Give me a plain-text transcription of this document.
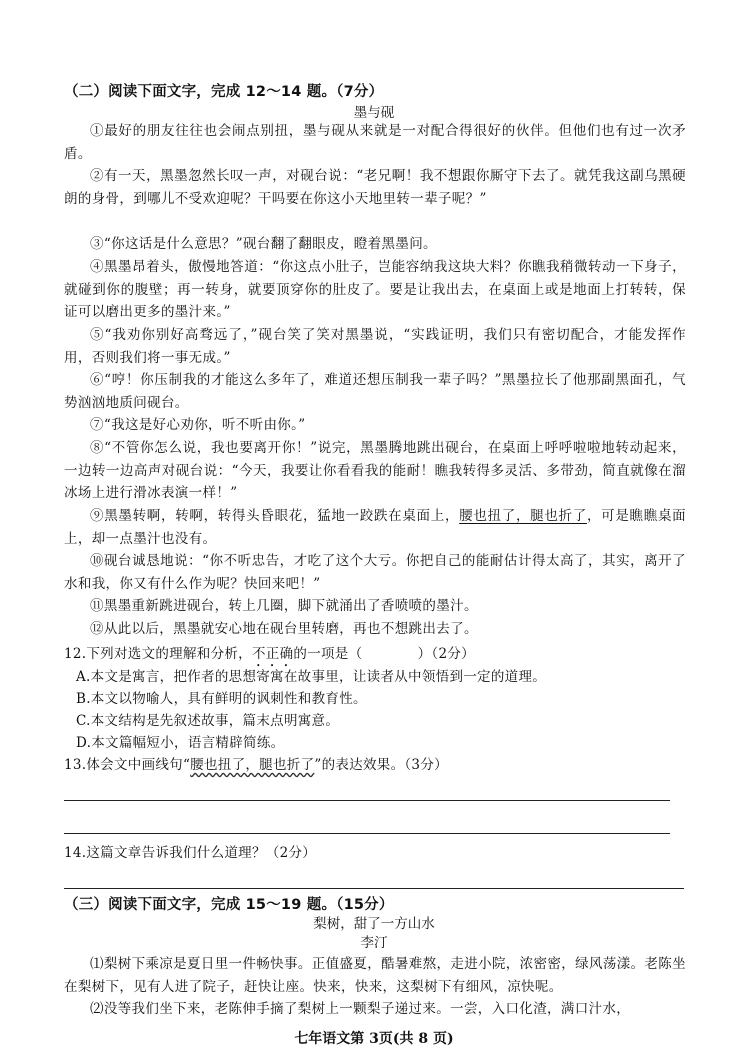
（二）阅读下面文字，完成 12～14 题。（7分）
墨与砚
①最好的朋友往往也会闹点别扭，墨与砚从来就是一对配合得很好的伙伴。但他们也有过一次矛盾。
②有一天，黑墨忽然长叹一声，对砚台说：“老兄啊！我不想跟你厮守下去了。就凭我这副乌黑硬朗的身骨，到哪儿不受欢迎呢？干吗要在你这小天地里转一辈子呢？”
③“你这话是什么意思？”砚台翻了翻眼皮，瞪着黑墨问。
④黑墨昂着头，傲慢地答道：“你这点小肚子，岂能容纳我这块大料？你瞧我稍微转动一下身子，就碰到你的腹壁；再一转身，就要顶穿你的肚皮了。要是让我出去，在桌面上或是地面上打转转，保证可以磨出更多的墨汁来。”
⑤“我劝你别好高骛远了，”砚台笑了笑对黑墨说，“实践证明，我们只有密切配合，才能发挥作用，否则我们将一事无成。”
⑥“哼！你压制我的才能这么多年了，难道还想压制我一辈子吗？”黑墨拉长了他那副黑面孔，气势汹汹地质问砚台。
⑦“我这是好心劝你，听不听由你。”
⑧“不管你怎么说，我也要离开你！”说完，黑墨腾地跳出砚台，在桌面上呼呼啦啦地转动起来，一边转一边高声对砚台说：“今天，我要让你看看我的能耐！瞧我转得多灵活、多带劲，简直就像在溜冰场上进行滑冰表演一样！”
⑨黑墨转啊，转啊，转得头昏眼花，猛地一跤跌在桌面上，腰也扭了，腿也折了，可是瞧瞧桌面上，却一点墨汁也没有。
⑩砚台诚恳地说：“你不听忠告，才吃了这个大亏。你把自己的能耐估计得太高了，其实，离开了水和我，你又有什么作为呢？快回来吧！”
⑪黑墨重新跳进砚台，转上几圈，脚下就涌出了香喷喷的墨汁。
⑫从此以后，黑墨就安心地在砚台里转磨，再也不想跳出去了。
12.下列对选文的理解和分析，不正确的一项是（　　　　）（2分）
A.本文是寓言，把作者的思想寄寓在故事里，让读者从中领悟到一定的道理。
B.本文以物喻人，具有鲜明的讽刺性和教育性。
C.本文结构是先叙述故事，篇末点明寓意。
D.本文篇幅短小，语言精辟简练。
13.体会文中画线句“腰也扭了，腿也折了”的表达效果。（3分）
14.这篇文章告诉我们什么道理？（2分）
（三）阅读下面文字，完成 15～19 题。（15分）
梨树，甜了一方山水
李汀
七年语文第 3页(共 8 页)
⑴梨树下乘凉是夏日里一件畅快事。正值盛夏，酷暑难熬，走进小院，浓密密，绿风荡漾。老陈坐在梨树下，见有人进了院子，赶快让座。快来，快来，这梨树下有细风，凉快呢。
⑵没等我们坐下来，老陈伸手摘了梨树上一颗梨子递过来。一尝，入口化渣，满口汁水，
